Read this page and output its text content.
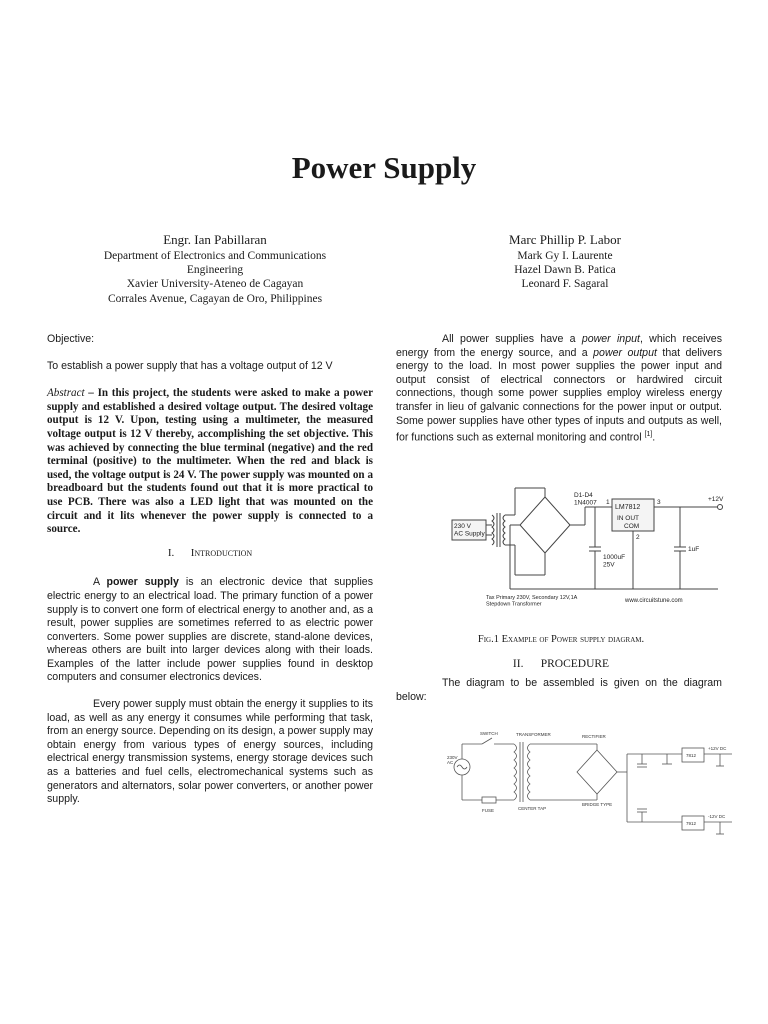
Power Supply
Engr. Ian Pabillaran
Department of Electronics and Communications
Engineering
Xavier University-Ateneo de Cagayan
Corrales Avenue, Cagayan de Oro, Philippines
Marc Phillip P. Labor
Mark Gy I. Laurente
Hazel Dawn B. Patica
Leonard F. Sagaral

Objective:

To establish a power supply that has a voltage output of 12 V

Abstract – In this project, the students were asked to make a power supply and established a desired voltage output. The desired voltage output is 12 V. Upon, testing using a multimeter, the measured voltage output is 12 V thereby, accomplishing the set objective. This was achieved by connecting the blue terminal (negative) and the red terminal (positive) to the multimeter. When the red and black is used, the voltage output is 24 V. The power supply was mounted on a breadboard but the students found out that it is more practical to use PCB. There was also a LED light that was mounted on the circuit and it lits whenever the power supply is connected to a source.

I. Introduction

A power supply is an electronic device that supplies electric energy to an electrical load. The primary function of a power supply is to convert one form of electrical energy to another and, as a result, power supplies are sometimes referred to as electric power converters. Some power supplies are discrete, stand-alone devices, whereas others are built into larger devices along with their loads. Examples of the latter include power supplies found in desktop computers and consumer electronics devices.

Every power supply must obtain the energy it supplies to its load, as well as any energy it consumes while performing that task, from an energy source. Depending on its design, a power supply may obtain energy from various types of energy sources, including electrical energy transmission systems, energy storage devices such as a batteries and fuel cells, electromechanical systems such as generators and alternators, solar power converters, or another power supply.

All power supplies have a power input, which receives energy from the energy source, and a power output that delivers energy to the load. In most power supplies the power input and output consist of electrical connectors or hardwired circuit connections, though some power supplies employ wireless energy transfer in lieu of galvanic connections for the power input or output. Some power supplies have other types of inputs and outputs as well, for functions such as external monitoring and control [1].

230 V AC Supply
D1-D4 1N4007
LM7812
IN OUT
COM
1
2
3
1000uF 25V
1uF
+12V
Tax Primary 230V, Secondary 12V,1A Stepdown Transformer
www.circuitstune.com
Fig.1 Example of Power supply diagram.
II. PROCEDURE

The diagram to be assembled is given on the diagram below:

SWITCH
FUSE
230V AC
TRANSFORMER
CENTER TAP
RECTIFIER
BRIDGE TYPE
7812
7912
+12V DC
-12V DC
